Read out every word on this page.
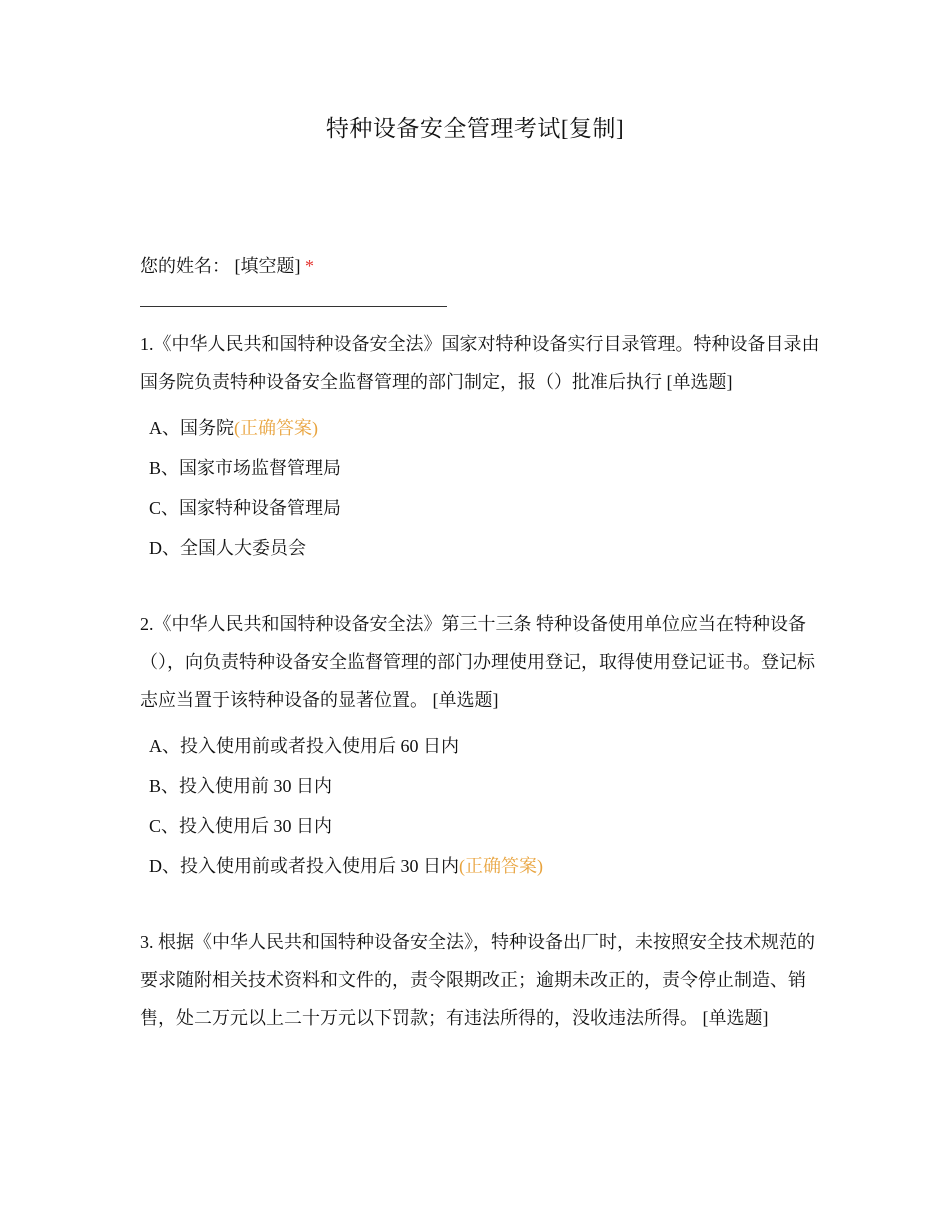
特种设备安全管理考试[复制]
您的姓名： [填空题] *
1.《中华人民共和国特种设备安全法》国家对特种设备实行目录管理。特种设备目录由国务院负责特种设备安全监督管理的部门制定，报（）批准后执行 [单选题]
A、国务院(正确答案)
B、国家市场监督管理局
C、国家特种设备管理局
D、全国人大委员会
2.《中华人民共和国特种设备安全法》第三十三条 特种设备使用单位应当在特种设备（），向负责特种设备安全监督管理的部门办理使用登记，取得使用登记证书。登记标志应当置于该特种设备的显著位置。 [单选题]
A、投入使用前或者投入使用后 60 日内
B、投入使用前 30 日内
C、投入使用后 30 日内
D、投入使用前或者投入使用后 30 日内(正确答案)
3. 根据《中华人民共和国特种设备安全法》，特种设备出厂时，未按照安全技术规范的要求随附相关技术资料和文件的，责令限期改正；逾期未改正的，责令停止制造、销售，处二万元以上二十万元以下罚款；有违法所得的，没收违法所得。 [单选题]
